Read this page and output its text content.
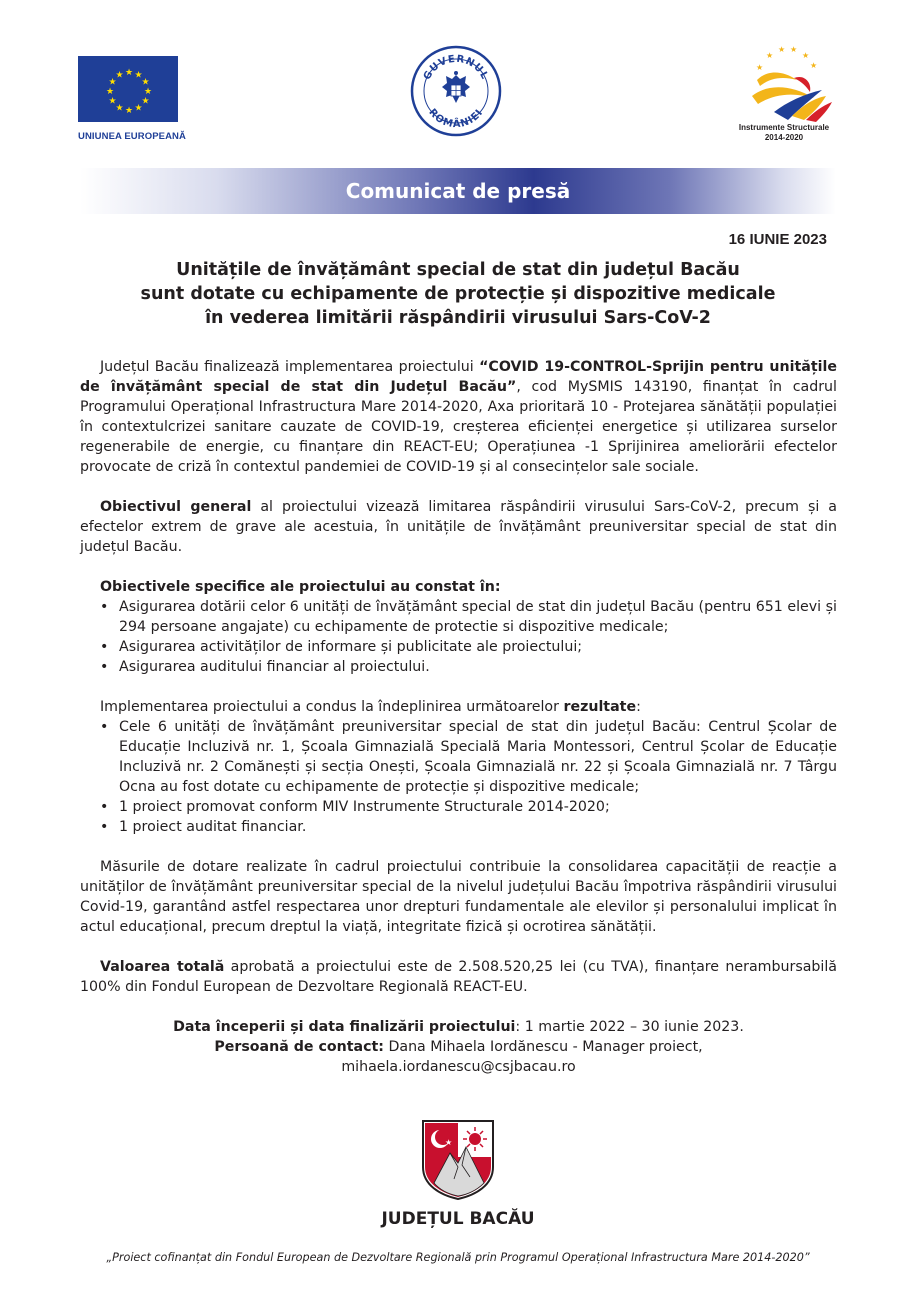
★ ★
★
★
★
★
★
★
★
★
★
★
UNIUNEA EUROPEANĂ
GUVERNUL
ROMÂNIEI
★
★
★ ★
★
★
Instrumente Structurale
2014-2020
Comunicat de presă
16 IUNIE 2023
Unitățile de învățământ special de stat din județul Bacău
sunt dotate cu echipamente de protecție și dispozitive medicale
în vederea limitării răspândirii virusului Sars-CoV-2

Județul Bacău finalizează implementarea proiectului “COVID 19-CONTROL-Sprijin pentru unitățile de învățământ special de stat din Județul Bacău”, cod MySMIS 143190, finanțat în cadrul Programului Operațional Infrastructura Mare 2014-2020, Axa prioritară 10 - Protejarea sănătății populației în contextulcrizei sanitare cauzate de COVID-19, creșterea eficienței energetice și utilizarea surselor regenerabile de energie, cu finanțare din REACT-EU; Operațiunea -1 Sprijinirea ameliorării efectelor provocate de criză în contextul pandemiei de COVID-19 și al consecințelor sale sociale.

Obiectivul general al proiectului vizează limitarea răspândirii virusului Sars-CoV-2, precum și a efectelor extrem de grave ale acestuia, în unitățile de învățământ preuniversitar special de stat din județul Bacău.

Obiectivele specifice ale proiectului au constat în:
• Asigurarea dotării celor 6 unități de învățământ special de stat din județul Bacău (pentru 651 elevi și 294 persoane angajate) cu echipamente de protectie si dispozitive medicale;
• Asigurarea activităților de informare și publicitate ale proiectului;
• Asigurarea auditului financiar al proiectului.
Implementarea proiectului a condus la îndeplinirea următoarelor rezultate:
• Cele 6 unități de învățământ preuniversitar special de stat din județul Bacău: Centrul Școlar de Educație Incluzivă nr. 1, Școala Gimnazială Specială Maria Montessori, Centrul Școlar de Educație Incluzivă nr. 2 Comănești și secția Onești, Școala Gimnazială nr. 22 și Școala Gimnazială nr. 7 Târgu Ocna au fost dotate cu echipamente de protecție și dispozitive medicale;
• 1 proiect promovat conform MIV Instrumente Structurale 2014-2020;
• 1 proiect auditat financiar.

Măsurile de dotare realizate în cadrul proiectului contribuie la consolidarea capacității de reacție a unităților de învățământ preuniversitar special de la nivelul județului Bacău împotriva răspândirii virusului Covid-19, garantând astfel respectarea unor drepturi fundamentale ale elevilor și personalului implicat în actul educațional, precum dreptul la viață, integritate fizică și ocrotirea sănătății.

Valoarea totală aprobată a proiectului este de 2.508.520,25 lei (cu TVA), finanțare nerambursabilă 100% din Fondul European de Dezvoltare Regională REACT-EU.

Data începerii și data finalizării proiectului: 1 martie 2022 – 30 iunie 2023.
Persoană de contact: Dana Mihaela Iordănescu - Manager proiect,
mihaela.iordanescu@csjbacau.ro
★
JUDEȚUL BACĂU
„Proiect cofinanțat din Fondul European de Dezvoltare Regională prin Programul Operațional Infrastructura Mare 2014-2020”
